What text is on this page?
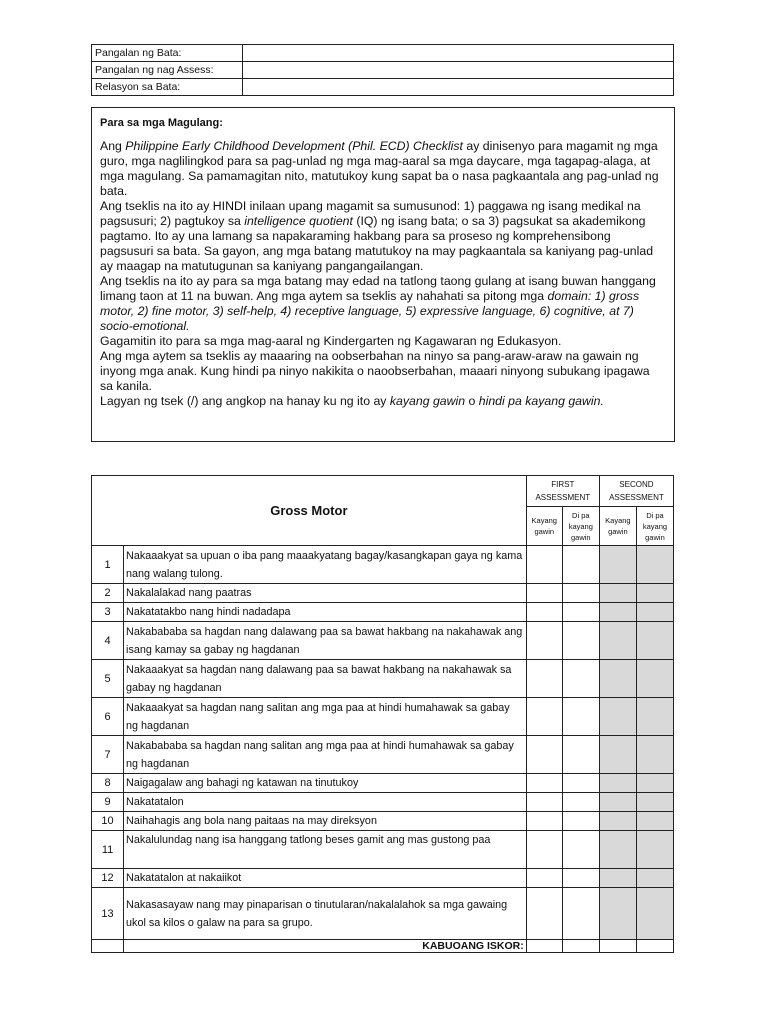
Pangalan ng Bata:	
Pangalan ng nag Assess:	
Relasyon sa Bata:	
Para sa mga Magulang:

Ang Philippine Early Childhood Development (Phil. ECD) Checklist ay dinisenyo para magamit ng mga guro, mga naglilingkod para sa pag-unlad ng mga mag-aaral sa mga daycare, mga tagapag-alaga, at mga magulang. Sa pamamagitan nito, matutukoy kung sapat ba o nasa pagkaantala ang pag-unlad ng bata.

Ang tseklis na ito ay HINDI inilaan upang magamit sa sumusunod: 1) paggawa ng isang medikal na pagsusuri; 2) pagtukoy sa intelligence quotient (IQ) ng isang bata; o sa 3) pagsukat sa akademikong pagtamo. Ito ay una lamang sa napakaraming hakbang para sa proseso ng komprehensibong pagsusuri sa bata. Sa gayon, ang mga batang matutukoy na may pagkaantala sa kaniyang pag-unlad ay maagap na matutugunan sa kaniyang pangangailangan.

Ang tseklis na ito ay para sa mga batang may edad na tatlong taong gulang at isang buwan hanggang limang taon at 11 na buwan. Ang mga aytem sa tseklis ay nahahati sa pitong mga domain: 1) gross motor, 2) fine motor, 3) self-help, 4) receptive language, 5) expressive language, 6) cognitive, at 7) socio-emotional.

Gagamitin ito para sa mga mag-aaral ng Kindergarten ng Kagawaran ng Edukasyon.

Ang mga aytem sa tseklis ay maaaring na oobserbahan na ninyo sa pang-araw-araw na gawain ng inyong mga anak. Kung hindi pa ninyo nakikita o naoobserbahan, maaari ninyong subukang ipagawa sa kanila.

Lagyan ng tsek (/) ang angkop na hanay ku ng ito ay kayang gawin o hindi pa kayang gawin.

Gross Motor		FIRST ASSESSMENT		SECOND ASSESSMENT	
		Kayang gawin	Di pa kayang gawin	Kayang gawin	Di pa kayang gawin
1	Nakaaakyat sa upuan o iba pang maaakyatang bagay/kasangkapan gaya ng kama nang walang tulong.				
2	Nakalalakad nang paatras				
3	Nakatatakbo nang hindi nadadapa				
4	Nakabababa sa hagdan nang dalawang paa sa bawat hakbang na nakahawak ang isang kamay sa gabay ng hagdanan				
5	Nakaaakyat sa hagdan nang dalawang paa sa bawat hakbang na nakahawak sa gabay ng hagdanan				
6	Nakaaakyat sa hagdan nang salitan ang mga paa at hindi humahawak sa gabay ng hagdanan				
7	Nakabababa sa hagdan nang salitan ang mga paa at hindi humahawak sa gabay ng hagdanan				
8	Naigagalaw ang bahagi ng katawan na tinutukoy				
9	Nakatatalon				
10	Naihahagis ang bola nang paitaas na may direksyon				
11	Nakalulundag nang isa hanggang tatlong beses gamit ang mas gustong paa				
12	Nakatatalon at nakaiikot				
13	Nakasasayaw nang may pinaparisan o tinutularan/nakalalahok sa mga gawaing ukol sa kilos o galaw na para sa grupo.				
	KABUOANG ISKOR:				
